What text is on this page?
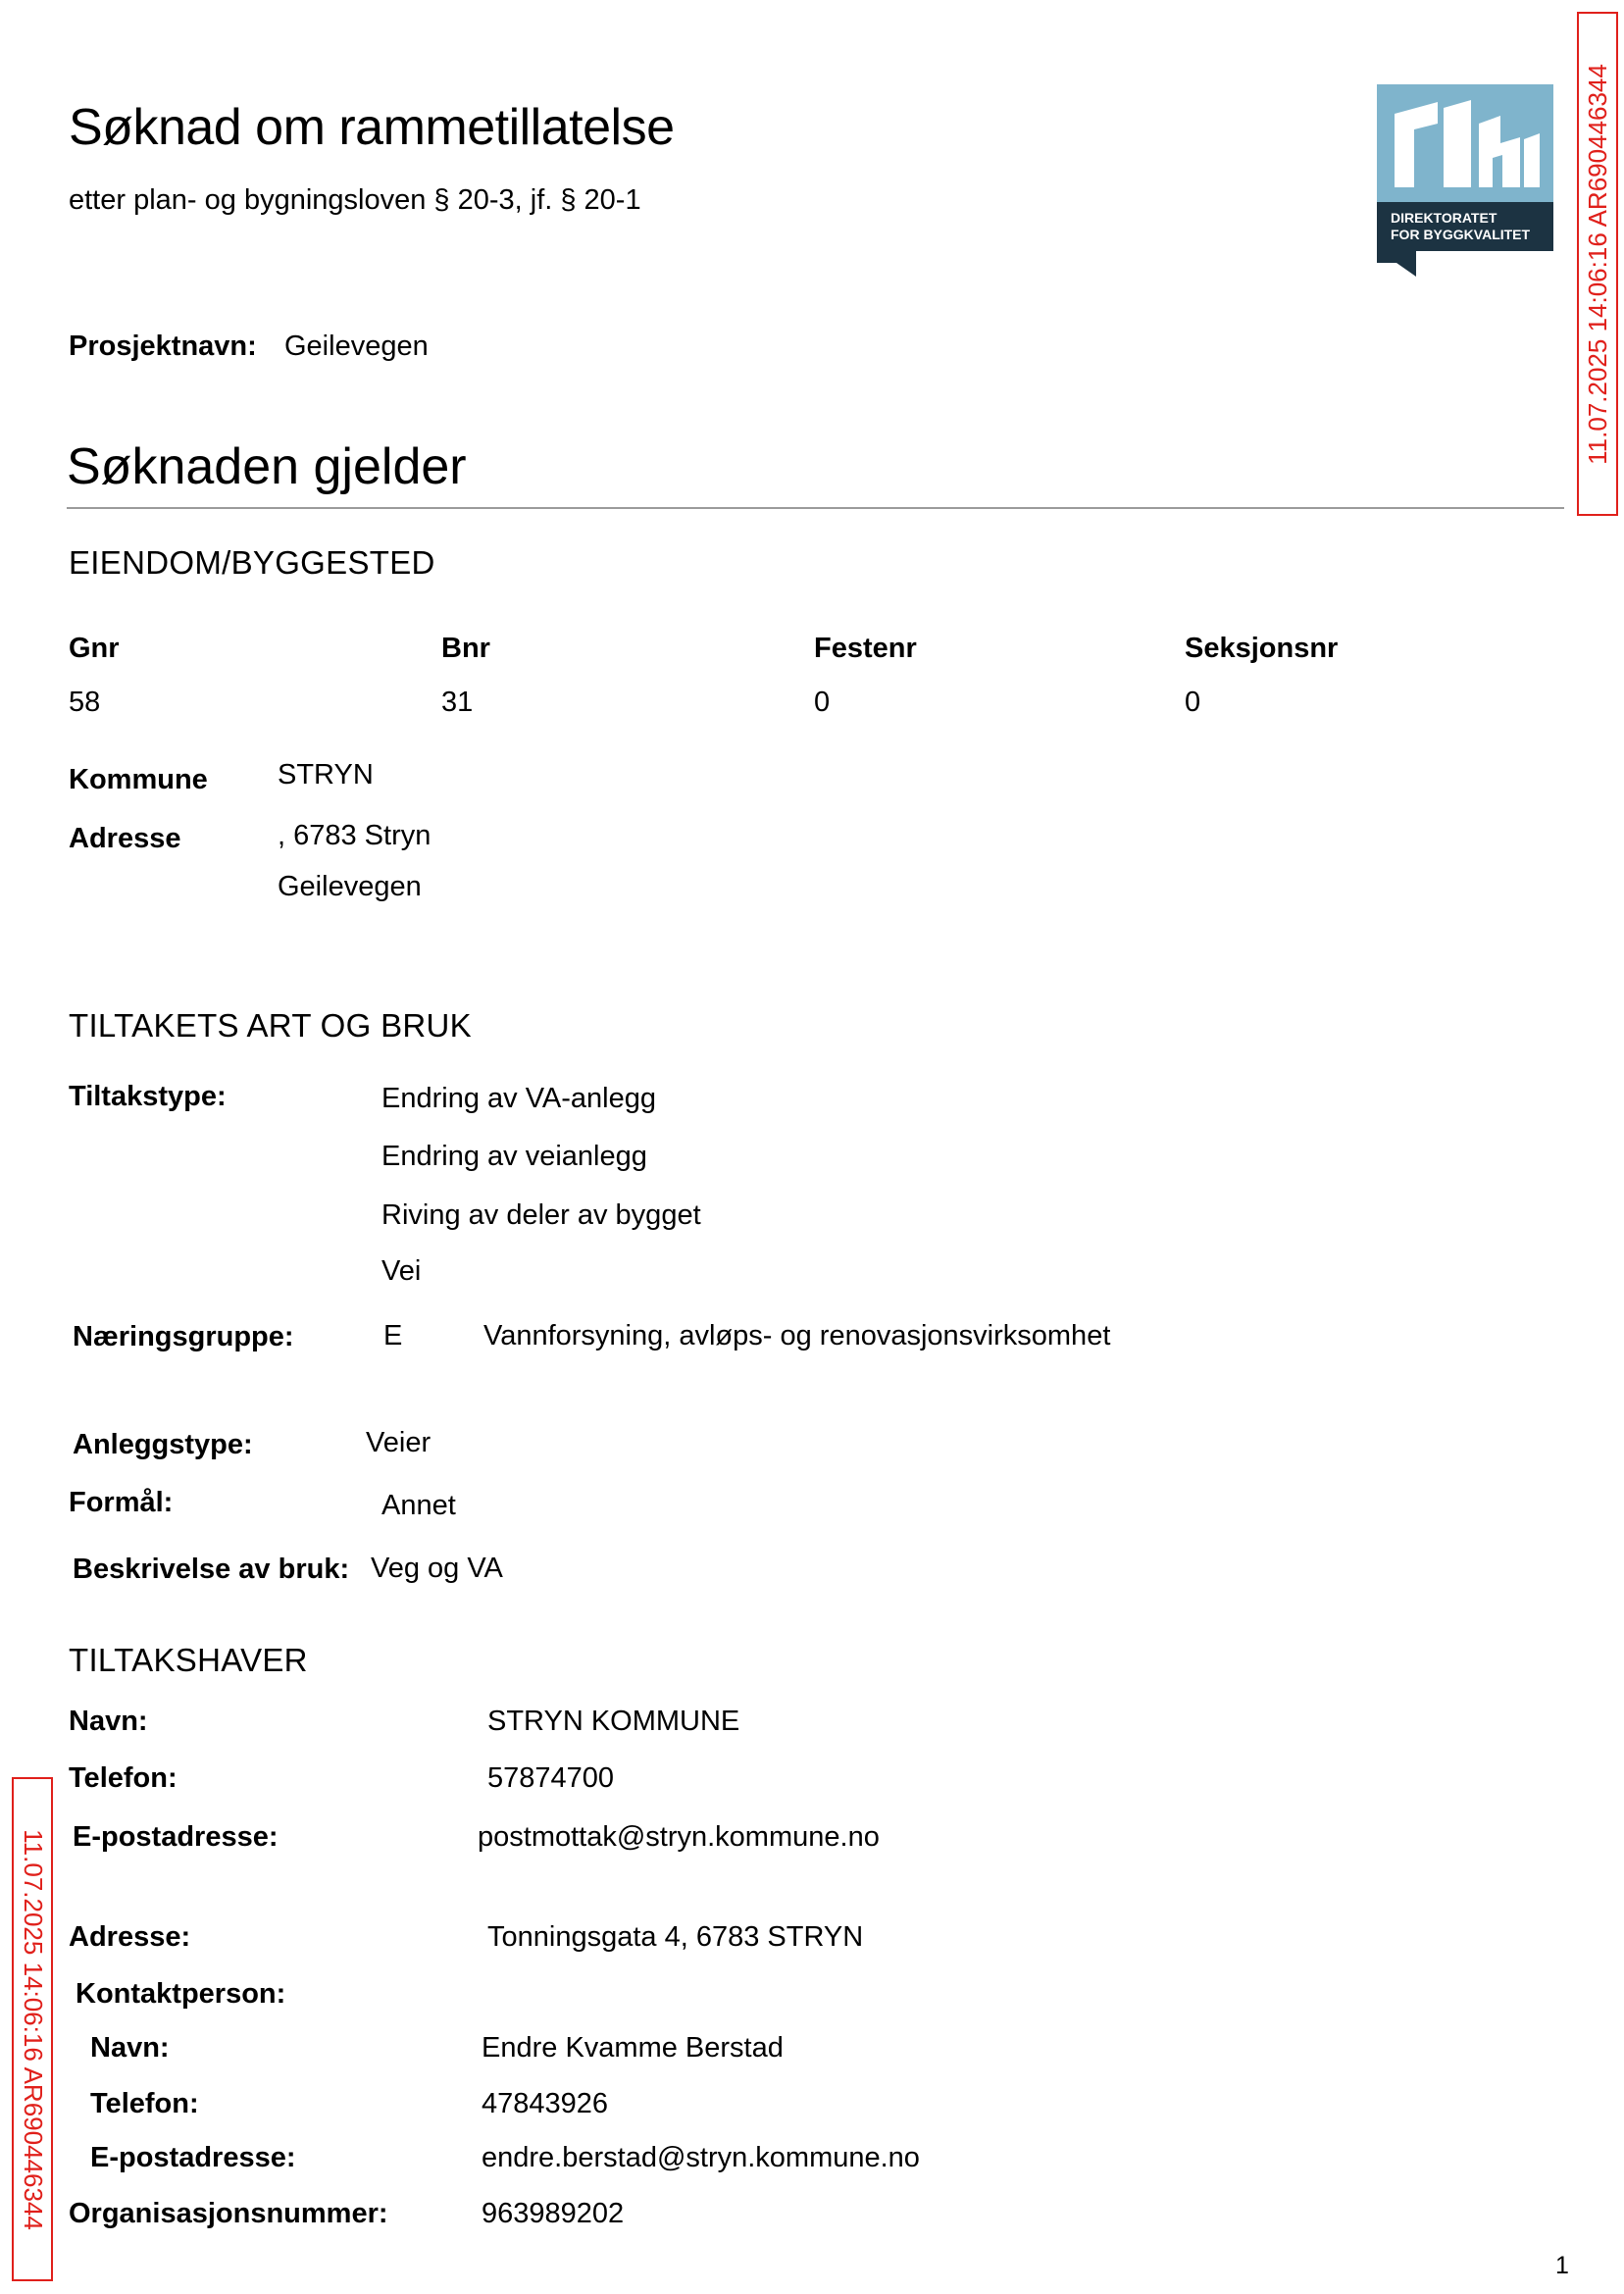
Søknad om rammetillatelse
etter plan- og bygningsloven § 20-3, jf. § 20-1
Prosjektnavn: Geilevegen
DIREKTORATET
FOR BYGGKVALITET 11.07.2025 14:06:16 AR690446344
11.07.2025 14:06:16 AR690446344
Søknaden gjelder
EIENDOM/BYGGESTED
Gnr	Bnr	Festenr	Seksjonsnr
58	31	0	0
Kommune STRYN
Adresse	, 6783 Stryn
Geilevegen
TILTAKETS ART OG BRUK
Tiltakstype:	Endring av VA-anlegg
Endring av veianlegg
Riving av deler av bygget
Vei
Næringsgruppe:	E	Vannforsyning, avløps- og renovasjonsvirksomhet
Anleggstype:	Veier
Formål:	Annet
Beskrivelse av bruk: Veg og VA
TILTAKSHAVER
Navn:	STRYN KOMMUNE
Telefon:	57874700
E-postadresse:	postmottak@stryn.kommune.no
Adresse:	Tonningsgata 4, 6783 STRYN
Kontaktperson:
Navn:	Endre Kvamme Berstad
Telefon:	47843926
E-postadresse:	endre.berstad@stryn.kommune.no
Organisasjonsnummer:	963989202
1
